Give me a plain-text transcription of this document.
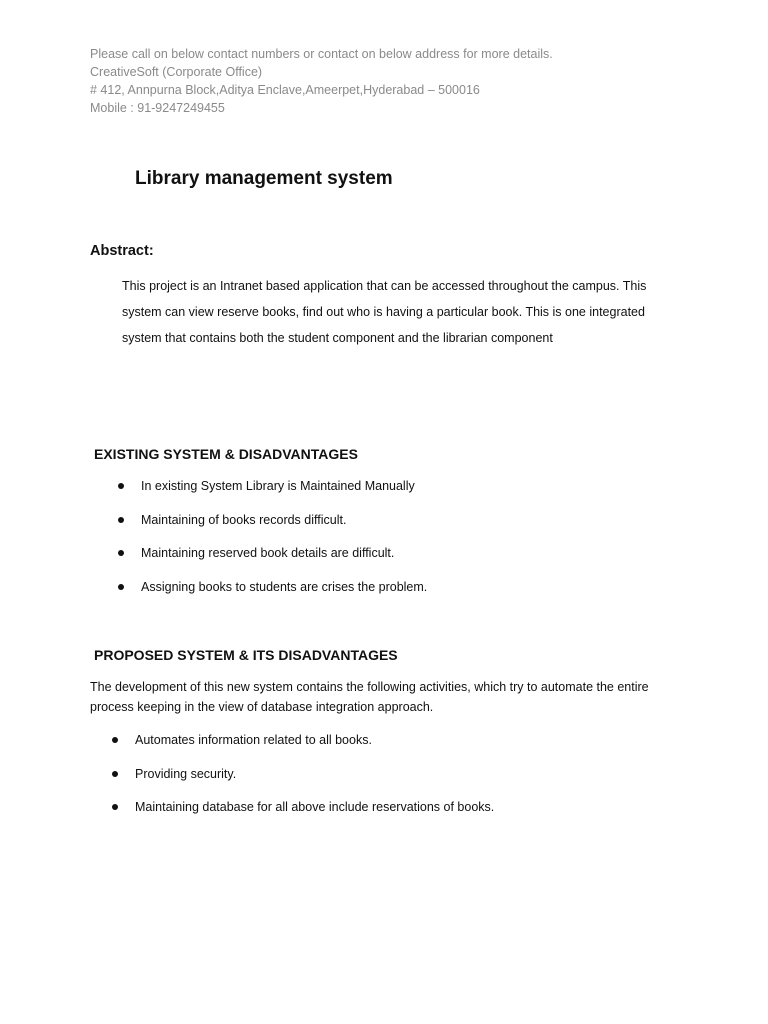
Please call on below contact numbers or contact on below address for more details.
CreativeSoft (Corporate Office)
# 412, Annpurna Block,Aditya Enclave,Ameerpet,Hyderabad – 500016
Mobile : 91-9247249455
Library management system
Abstract:
This project is an Intranet based application that can be accessed throughout the campus. This
system can view reserve books, find out who is having a particular book. This is one integrated
system that contains both the student component and the librarian component
EXISTING SYSTEM & DISADVANTAGES
In existing System Library is Maintained Manually
Maintaining of books records difficult.
Maintaining reserved book details are difficult.
Assigning books to students are crises the problem.
PROPOSED SYSTEM & ITS DISADVANTAGES
The development of this new system contains the following activities, which try to automate the entire
process keeping in the view of database integration approach.
Automates information related to all books.
Providing security.
Maintaining database for all above include reservations of books.
